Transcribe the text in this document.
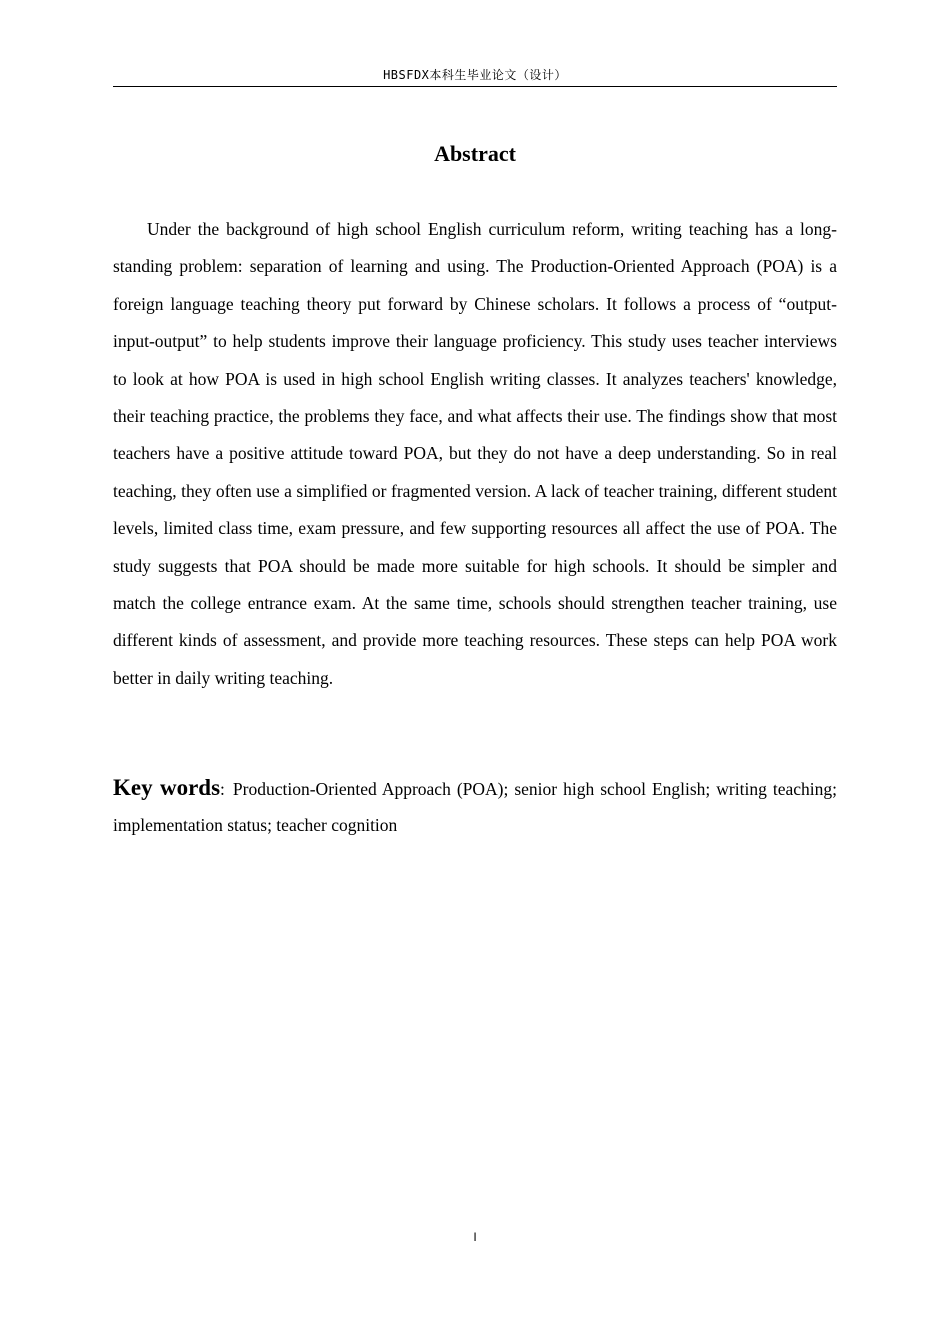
HBSFDX本科生毕业论文（设计）
Abstract

Under the background of high school English curriculum reform, writing teaching has a long-standing problem: separation of learning and using. The Production-Oriented Approach (POA) is a foreign language teaching theory put forward by Chinese scholars. It follows a process of “output-input-output” to help students improve their language proficiency. This study uses teacher interviews to look at how POA is used in high school English writing classes. It analyzes teachers' knowledge, their teaching practice, the problems they face, and what affects their use. The findings show that most teachers have a positive attitude toward POA, but they do not have a deep understanding. So in real teaching, they often use a simplified or fragmented version. A lack of teacher training, different student levels, limited class time, exam pressure, and few supporting resources all affect the use of POA. The study suggests that POA should be made more suitable for high schools. It should be simpler and match the college entrance exam. At the same time, schools should strengthen teacher training, use different kinds of assessment, and provide more teaching resources. These steps can help POA work better in daily writing teaching.

Key words: Production-Oriented Approach (POA); senior high school English; writing teaching; implementation status; teacher cognition

I
